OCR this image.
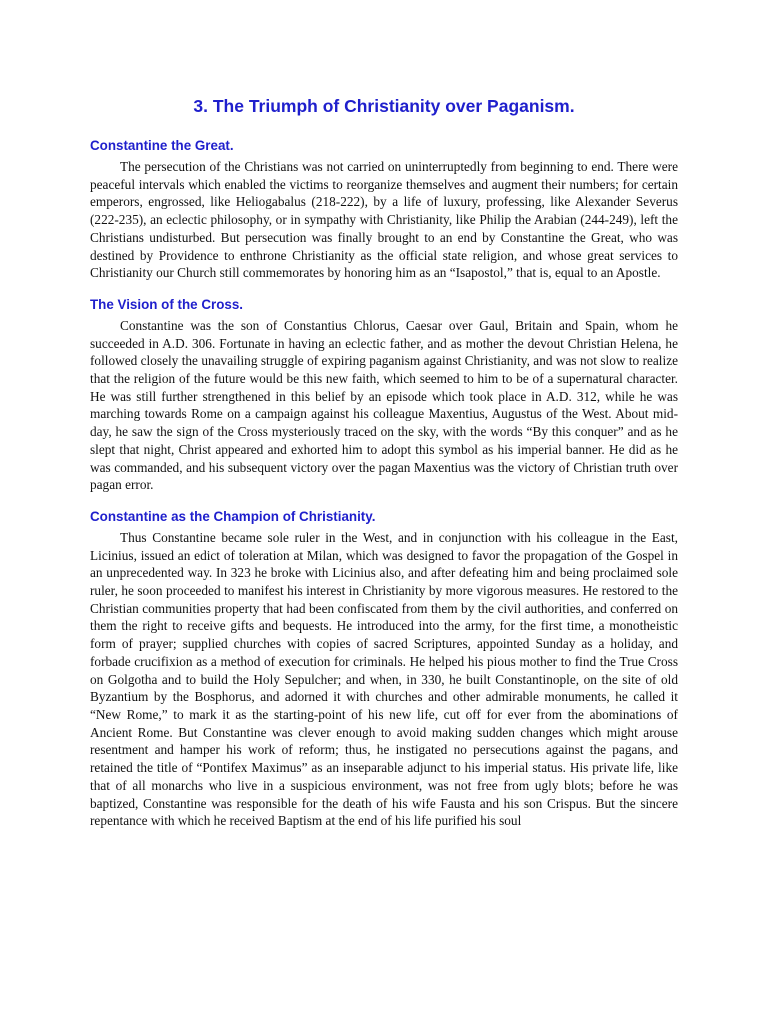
3. The Triumph of Christianity over Paganism.
Constantine the Great.

The persecution of the Christians was not carried on uninterruptedly from beginning to end. There were peaceful intervals which enabled the victims to reorganize themselves and augment their numbers; for certain emperors, engrossed, like Heliogabalus (218-222), by a life of luxury, professing, like Alexander Severus (222-235), an eclectic philosophy, or in sympathy with Christianity, like Philip the Arabian (244-249), left the Christians undisturbed. But persecution was finally brought to an end by Constantine the Great, who was destined by Providence to enthrone Christianity as the official state religion, and whose great services to Christianity our Church still commemorates by honoring him as an “Isapostol,” that is, equal to an Apostle.

The Vision of the Cross.

Constantine was the son of Constantius Chlorus, Caesar over Gaul, Britain and Spain, whom he succeeded in A.D. 306. Fortunate in having an eclectic father, and as mother the devout Christian Helena, he followed closely the unavailing struggle of expiring paganism against Christianity, and was not slow to realize that the religion of the future would be this new faith, which seemed to him to be of a supernatural character. He was still further strengthened in this belief by an episode which took place in A.D. 312, while he was marching towards Rome on a campaign against his colleague Maxentius, Augustus of the West. About mid-day, he saw the sign of the Cross mysteriously traced on the sky, with the words “By this conquer” and as he slept that night, Christ appeared and exhorted him to adopt this symbol as his imperial banner. He did as he was commanded, and his subsequent victory over the pagan Maxentius was the victory of Christian truth over pagan error.

Constantine as the Champion of Christianity.

Thus Constantine became sole ruler in the West, and in conjunction with his colleague in the East, Licinius, issued an edict of toleration at Milan, which was designed to favor the propagation of the Gospel in an unprecedented way. In 323 he broke with Licinius also, and after defeating him and being proclaimed sole ruler, he soon proceeded to manifest his interest in Christianity by more vigorous measures. He restored to the Christian communities property that had been confiscated from them by the civil authorities, and conferred on them the right to receive gifts and bequests. He introduced into the army, for the first time, a monotheistic form of prayer; supplied churches with copies of sacred Scriptures, appointed Sunday as a holiday, and forbade crucifixion as a method of execution for criminals. He helped his pious mother to find the True Cross on Golgotha and to build the Holy Sepulcher; and when, in 330, he built Constantinople, on the site of old Byzantium by the Bosphorus, and adorned it with churches and other admirable monuments, he called it “New Rome,” to mark it as the starting-point of his new life, cut off for ever from the abominations of Ancient Rome. But Constantine was clever enough to avoid making sudden changes which might arouse resentment and hamper his work of reform; thus, he instigated no persecutions against the pagans, and retained the title of “Pontifex Maximus” as an inseparable adjunct to his imperial status. His private life, like that of all monarchs who live in a suspicious environment, was not free from ugly blots; before he was baptized, Constantine was responsible for the death of his wife Fausta and his son Crispus. But the sincere repentance with which he received Baptism at the end of his life purified his soul
